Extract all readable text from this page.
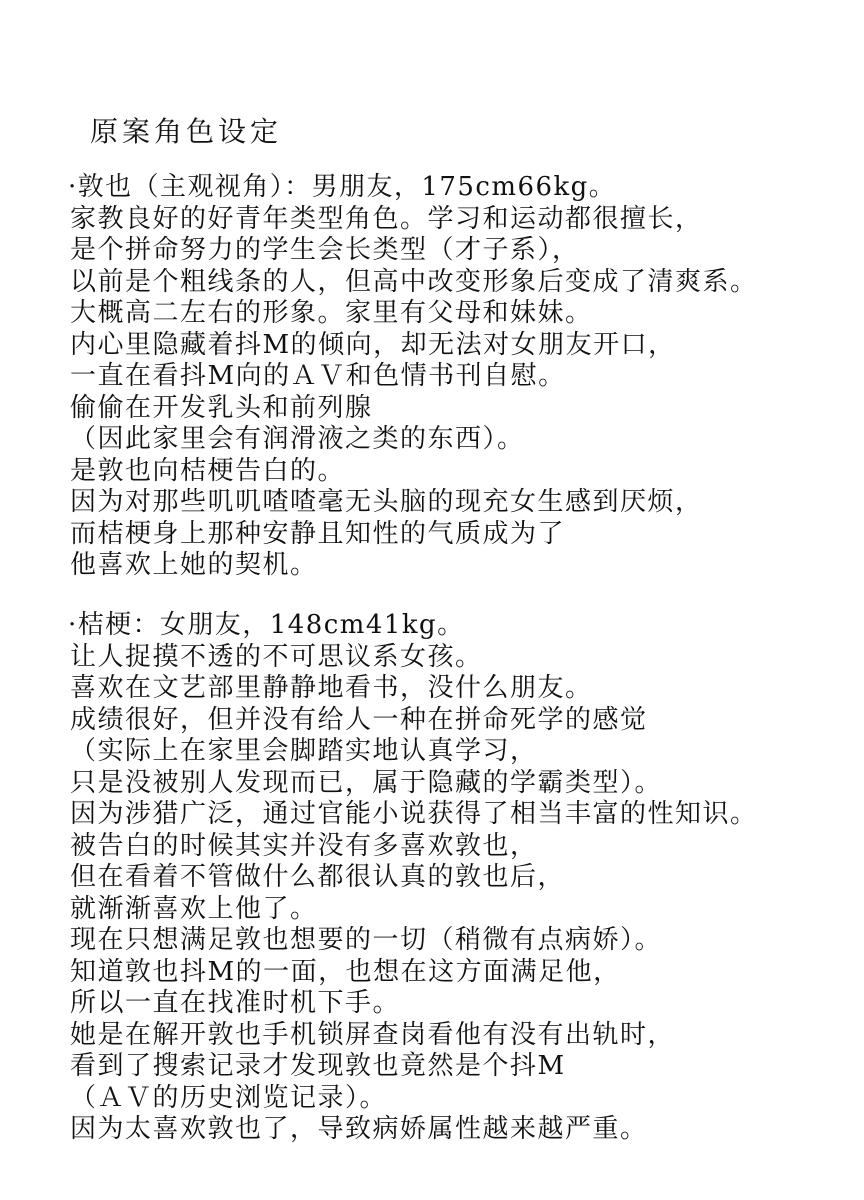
原案角色设定
·敦也（主观视角）：男朋友，175cm66kg。
家教良好的好青年类型角色。学习和运动都很擅长，
是个拼命努力的学生会长类型（才子系），
以前是个粗线条的人，但高中改变形象后变成了清爽系。
大概高二左右的形象。家里有父母和妹妹。
内心里隐藏着抖M的倾向，却无法对女朋友开口，
一直在看抖M向的ＡＶ和色情书刊自慰。
偷偷在开发乳头和前列腺
（因此家里会有润滑液之类的东西）。
是敦也向桔梗告白的。
因为对那些叽叽喳喳毫无头脑的现充女生感到厌烦，
而桔梗身上那种安静且知性的气质成为了
他喜欢上她的契机。
·桔梗：女朋友，148cm41kg。
让人捉摸不透的不可思议系女孩。
喜欢在文艺部里静静地看书，没什么朋友。
成绩很好，但并没有给人一种在拼命死学的感觉
（实际上在家里会脚踏实地认真学习，
只是没被别人发现而已，属于隐藏的学霸类型）。
因为涉猎广泛，通过官能小说获得了相当丰富的性知识。
被告白的时候其实并没有多喜欢敦也，
但在看着不管做什么都很认真的敦也后，
就渐渐喜欢上他了。
现在只想满足敦也想要的一切（稍微有点病娇）。
知道敦也抖M的一面，也想在这方面满足他，
所以一直在找准时机下手。
她是在解开敦也手机锁屏查岗看他有没有出轨时，
看到了搜索记录才发现敦也竟然是个抖M
（ＡＶ的历史浏览记录）。
因为太喜欢敦也了，导致病娇属性越来越严重。
